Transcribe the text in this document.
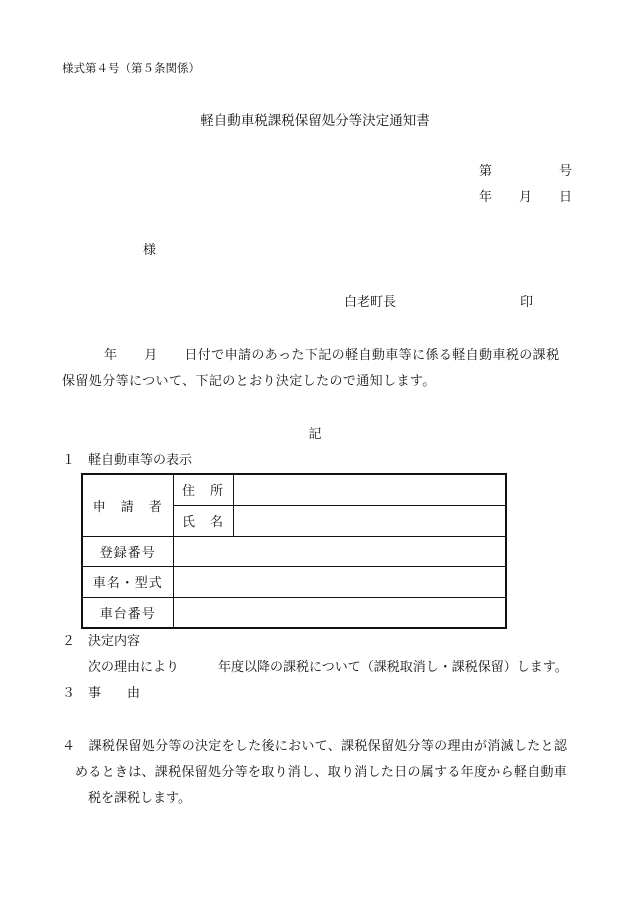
様式第４号（第５条関係）
軽自動車税課税保留処分等決定通知書
第	号
年 月 日
様
白老町長	印
年　　月　　日付で申請のあった下記の軽自動車等に係る軽自動車税の課税
保留処分等について、下記のとおり決定したので通知します。
記
１　軽自動車等の表示
申　請　者	住　所	
	氏　名	
登録番号		
車名・型式		
車台番号		
２　決定内容
次の理由により　　　年度以降の課税について（課税取消し・課税保留）します。
３　事　　由
４　課税保留処分等の決定をした後において、課税保留処分等の理由が消滅したと認
めるときは、課税保留処分等を取り消し、取り消した日の属する年度から軽自動車
税を課税します。
